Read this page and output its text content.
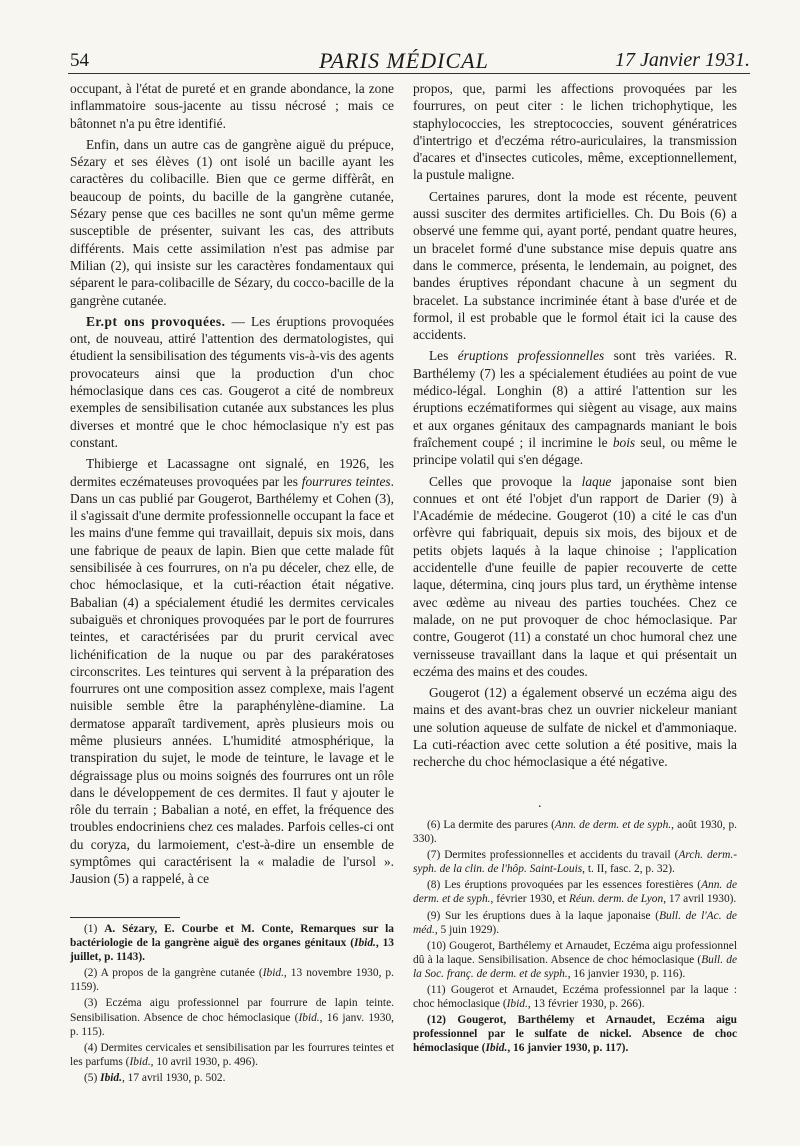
54	PARIS MÉDICAL	17 Janvier 1931.

occupant, à l'état de pureté et en grande abondance, la zone inflammatoire sous-jacente au tissu nécrosé ; mais ce bâtonnet n'a pu être identifié.

Enfin, dans un autre cas de gangrène aiguë du prépuce, Sézary et ses élèves (1) ont isolé un bacille ayant les caractères du colibacille. Bien que ce germe diffèrât, en beaucoup de points, du bacille de la gangrène cutanée, Sézary pense que ces bacilles ne sont qu'un même germe susceptible de présenter, suivant les cas, des attributs différents. Mais cette assimilation n'est pas admise par Milian (2), qui insiste sur les caractères fondamentaux qui séparent le para-colibacille de Sézary, du cocco-bacille de la gangrène cutanée.

Er.pt ons provoquées. — Les éruptions provoquées ont, de nouveau, attiré l'attention des dermatologistes, qui étudient la sensibilisation des téguments vis-à-vis des agents provocateurs ainsi que la production d'un choc hémoclasique dans ces cas. Gougerot a cité de nombreux exemples de sensibilisation cutanée aux substances les plus diverses et montré que le choc hémoclasique n'y est pas constant.

Thibierge et Lacassagne ont signalé, en 1926, les dermites eczémateuses provoquées par les fourrures teintes. Dans un cas publié par Gougerot, Barthélemy et Cohen (3), il s'agissait d'une dermite professionnelle occupant la face et les mains d'une femme qui travaillait, depuis six mois, dans une fabrique de peaux de lapin. Bien que cette malade fût sensibilisée à ces fourrures, on n'a pu déceler, chez elle, de choc hémoclasique, et la cuti-réaction était négative. Babalian (4) a spécialement étudié les dermites cervicales subaiguës et chroniques provoquées par le port de fourrures teintes, et caractérisées par du prurit cervical avec lichénification de la nuque ou par des parakératoses circonscrites. Les teintures qui servent à la préparation des fourrures ont une composition assez complexe, mais l'agent nuisible semble être la paraphénylène-diamine. La dermatose apparaît tardivement, après plusieurs mois ou même plusieurs années. L'humidité atmosphérique, la transpiration du sujet, le mode de teinture, le lavage et le dégraissage plus ou moins soignés des fourrures ont un rôle dans le développement de ces dermites. Il faut y ajouter le rôle du terrain ; Babalian a noté, en effet, la fréquence des troubles endocriniens chez ces malades. Parfois celles-ci ont du coryza, du larmoiement, c'est-à-dire un ensemble de symptômes qui caractérisent la « maladie de l'ursol ». Jausion (5) a rappelé, à ce

propos, que, parmi les affections provoquées par les fourrures, on peut citer : le lichen trichophytique, les staphylococcies, les streptococcies, souvent génératrices d'intertrigo et d'eczéma rétro-auriculaires, la transmission d'acares et d'insectes cuticoles, même, exceptionnellement, la pustule maligne.

Certaines parures, dont la mode est récente, peuvent aussi susciter des dermites artificielles. Ch. Du Bois (6) a observé une femme qui, ayant porté, pendant quatre heures, un bracelet formé d'une substance mise depuis quatre ans dans le commerce, présenta, le lendemain, au poignet, des bandes éruptives répondant chacune à un segment du bracelet. La substance incriminée étant à base d'urée et de formol, il est probable que le formol était ici la cause des accidents.

Les éruptions professionnelles sont très variées. R. Barthélemy (7) les a spécialement étudiées au point de vue médico-légal. Longhin (8) a attiré l'attention sur les éruptions eczématiformes qui siègent au visage, aux mains et aux organes génitaux des campagnards maniant le bois fraîchement coupé ; il incrimine le bois seul, ou même le principe volatil qui s'en dégage.

Celles que provoque la laque japonaise sont bien connues et ont été l'objet d'un rapport de Darier (9) à l'Académie de médecine. Gougerot (10) a cité le cas d'un orfèvre qui fabriquait, depuis six mois, des bijoux et de petits objets laqués à la laque chinoise ; l'application accidentelle d'une feuille de papier recouverte de cette laque, détermina, cinq jours plus tard, un érythème intense avec œdème au niveau des parties touchées. Chez ce malade, on ne put provoquer de choc hémoclasique. Par contre, Gougerot (11) a constaté un choc humoral chez une vernisseuse travaillant dans la laque et qui présentait un eczéma des mains et des coudes.

Gougerot (12) a également observé un eczéma aigu des mains et des avant-bras chez un ouvrier nickeleur maniant une solution aqueuse de sulfate de nickel et d'ammoniaque. La cuti-réaction avec cette solution a été positive, mais la recherche du choc hémoclasique a été négative.

.
(1) A. Sézary, E. Courbe et M. Conte, Remarques sur la bactériologie de la gangrène aiguë des organes génitaux (Ibid., 13 juillet, p. 1143).
(2) A propos de la gangrène cutanée (Ibid., 13 novembre 1930, p. 1159).
(3) Eczéma aigu professionnel par fourrure de lapin teinte. Sensibilisation. Absence de choc hémoclasique (Ibid., 16 janv. 1930, p. 115).
(4) Dermites cervicales et sensibilisation par les fourrures teintes et les parfums (Ibid., 10 avril 1930, p. 496).
(5) Ibid., 17 avril 1930, p. 502.
(6) La dermite des parures (Ann. de derm. et de syph., août 1930, p. 330).
(7) Dermites professionnelles et accidents du travail (Arch. derm.-syph. de la clin. de l'hôp. Saint-Louis, t. II, fasc. 2, p. 32).
(8) Les éruptions provoquées par les essences forestières (Ann. de derm. et de syph., février 1930, et Réun. derm. de Lyon, 17 avril 1930).
(9) Sur les éruptions dues à la laque japonaise (Bull. de l'Ac. de méd., 5 juin 1929).
(10) Gougerot, Barthélemy et Arnaudet, Eczéma aigu professionnel dû à la laque. Sensibilisation. Absence de choc hémoclasique (Bull. de la Soc. franç. de derm. et de syph., 16 janvier 1930, p. 116).
(11) Gougerot et Arnaudet, Eczéma professionnel par la laque : choc hémoclasique (Ibid., 13 février 1930, p. 266).
(12) Gougerot, Barthélemy et Arnaudet, Eczéma aigu professionnel par le sulfate de nickel. Absence de choc hémoclasique (Ibid., 16 janvier 1930, p. 117).
